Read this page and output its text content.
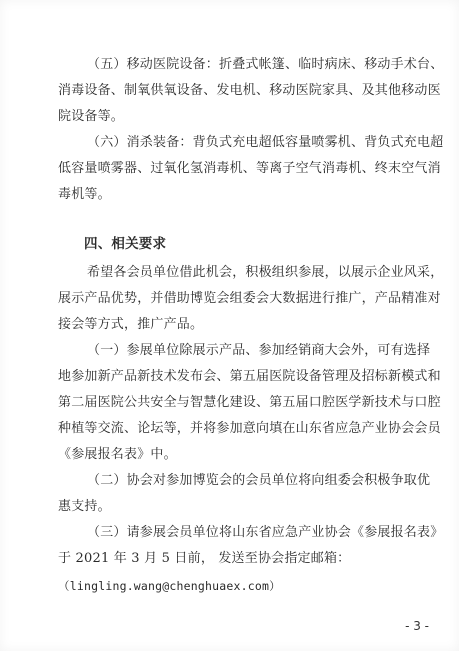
（五）移动医院设备：折叠式帐篷、临时病床、移动手术台、
消毒设备、制氧供氧设备、发电机、移动医院家具、及其他移动医
院设备等。
（六）消杀装备：背负式充电超低容量喷雾机、背负式充电超
低容量喷雾器、过氧化氢消毒机、等离子空气消毒机、终末空气消
毒机等。
四、相关要求
希望各会员单位借此机会，积极组织参展，以展示企业风采，
展示产品优势，并借助博览会组委会大数据进行推广，产品精准对
接会等方式，推广产品。
（一）参展单位除展示产品、参加经销商大会外，可有选择
地参加新产品新技术发布会、第五届医院设备管理及招标新模式和
第二届医院公共安全与智慧化建设、第五届口腔医学新技术与口腔
种植等交流、论坛等，并将参加意向填在山东省应急产业协会会员
《参展报名表》中。
（二）协会对参加博览会的会员单位将向组委会积极争取优
惠支持。
（三）请参展会员单位将山东省应急产业协会《参展报名表》
于 2021 年 3 月 5 日前， 发送至协会指定邮箱：
（lingling.wang@chenghuaex.com）
- 3 -
